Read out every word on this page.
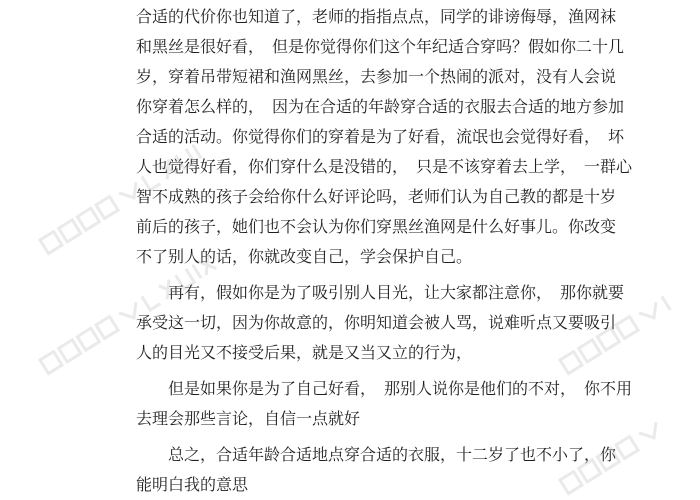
合适的代价你也知道了，老师的指指点点，同学的诽谤侮辱，渔网袜
和黑丝是很好看，　但是你觉得你们这个年纪适合穿吗？假如你二十几
岁，穿着吊带短裙和渔网黑丝，去参加一个热闹的派对，没有人会说
你穿着怎么样的，　因为在合适的年龄穿合适的衣服去合适的地方参加
合适的活动。你觉得你们的穿着是为了好看，流氓也会觉得好看，　坏
人也觉得好看，你们穿什么是没错的，　只是不该穿着去上学，　一群心
智不成熟的孩子会给你什么好评论吗，老师们认为自己教的都是十岁
前后的孩子，她们也不会认为你们穿黑丝渔网是什么好事儿。你改变
不了别人的话，你就改变自己，学会保护自己。
　　再有，假如你是为了吸引别人目光，让大家都注意你，　那你就要
承受这一切，因为你故意的，你明知道会被人骂，说难听点又要吸引
人的目光又不接受后果，就是又当又立的行为，
　　但是如果你是为了自己好看，　那别人说你是他们的不对，　你不用
去理会那些言论，自信一点就好
　　总之，合适年龄合适地点穿合适的衣服，十二岁了也不小了，你
能明白我的意思
